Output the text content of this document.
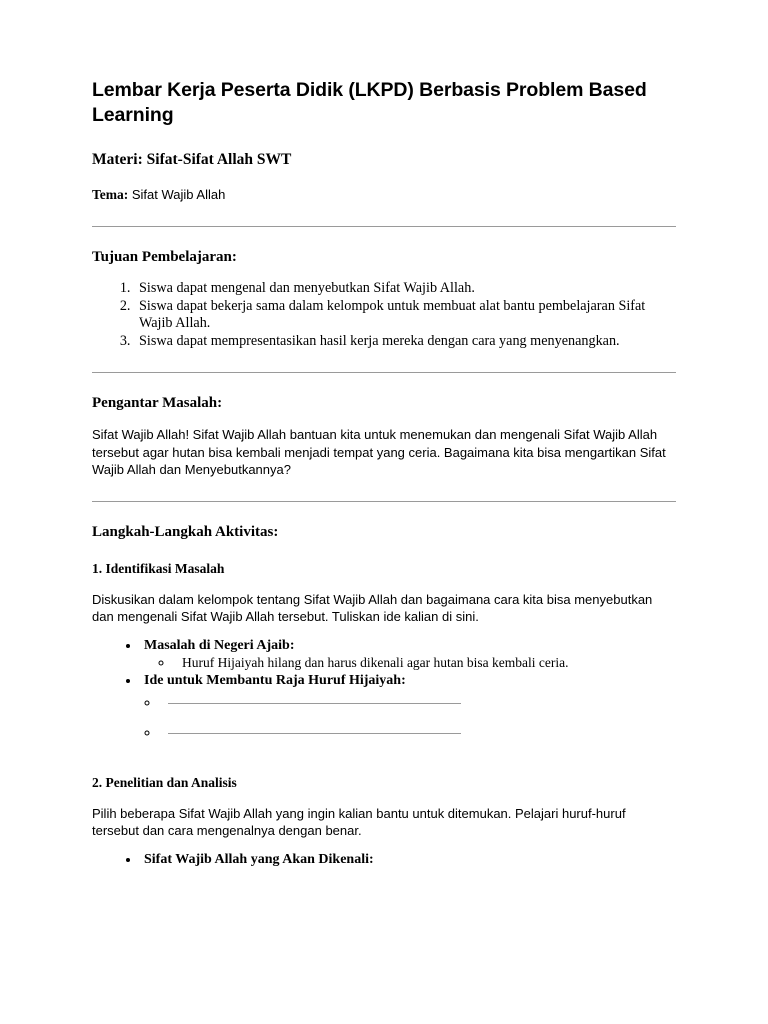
Lembar Kerja Peserta Didik (LKPD) Berbasis Problem Based Learning

Materi: Sifat-Sifat Allah SWT

Tema: Sifat Wajib Allah

Tujuan Pembelajaran:
1. Siswa dapat mengenal dan menyebutkan Sifat Wajib Allah.
2. Siswa dapat bekerja sama dalam kelompok untuk membuat alat bantu pembelajaran Sifat Wajib Allah.
3. Siswa dapat mempresentasikan hasil kerja mereka dengan cara yang menyenangkan.
Pengantar Masalah:

Sifat Wajib Allah! Sifat Wajib Allah bantuan kita untuk menemukan dan mengenali Sifat Wajib Allah tersebut agar hutan bisa kembali menjadi tempat yang ceria. Bagaimana kita bisa mengartikan Sifat Wajib Allah dan Menyebutkannya?

Langkah-Langkah Aktivitas:

1. Identifikasi Masalah

Diskusikan dalam kelompok tentang Sifat Wajib Allah dan bagaimana cara kita bisa menyebutkan dan mengenali Sifat Wajib Allah tersebut. Tuliskan ide kalian di sini.

• Masalah di Negeri Ajaib:
◦ Huruf Hijaiyah hilang dan harus dikenali agar hutan bisa kembali ceria.
• Ide untuk Membantu Raja Huruf Hijaiyah:
◦
◦

2. Penelitian dan Analisis

Pilih beberapa Sifat Wajib Allah yang ingin kalian bantu untuk ditemukan. Pelajari huruf-huruf tersebut dan cara mengenalnya dengan benar.

• Sifat Wajib Allah yang Akan Dikenali:
